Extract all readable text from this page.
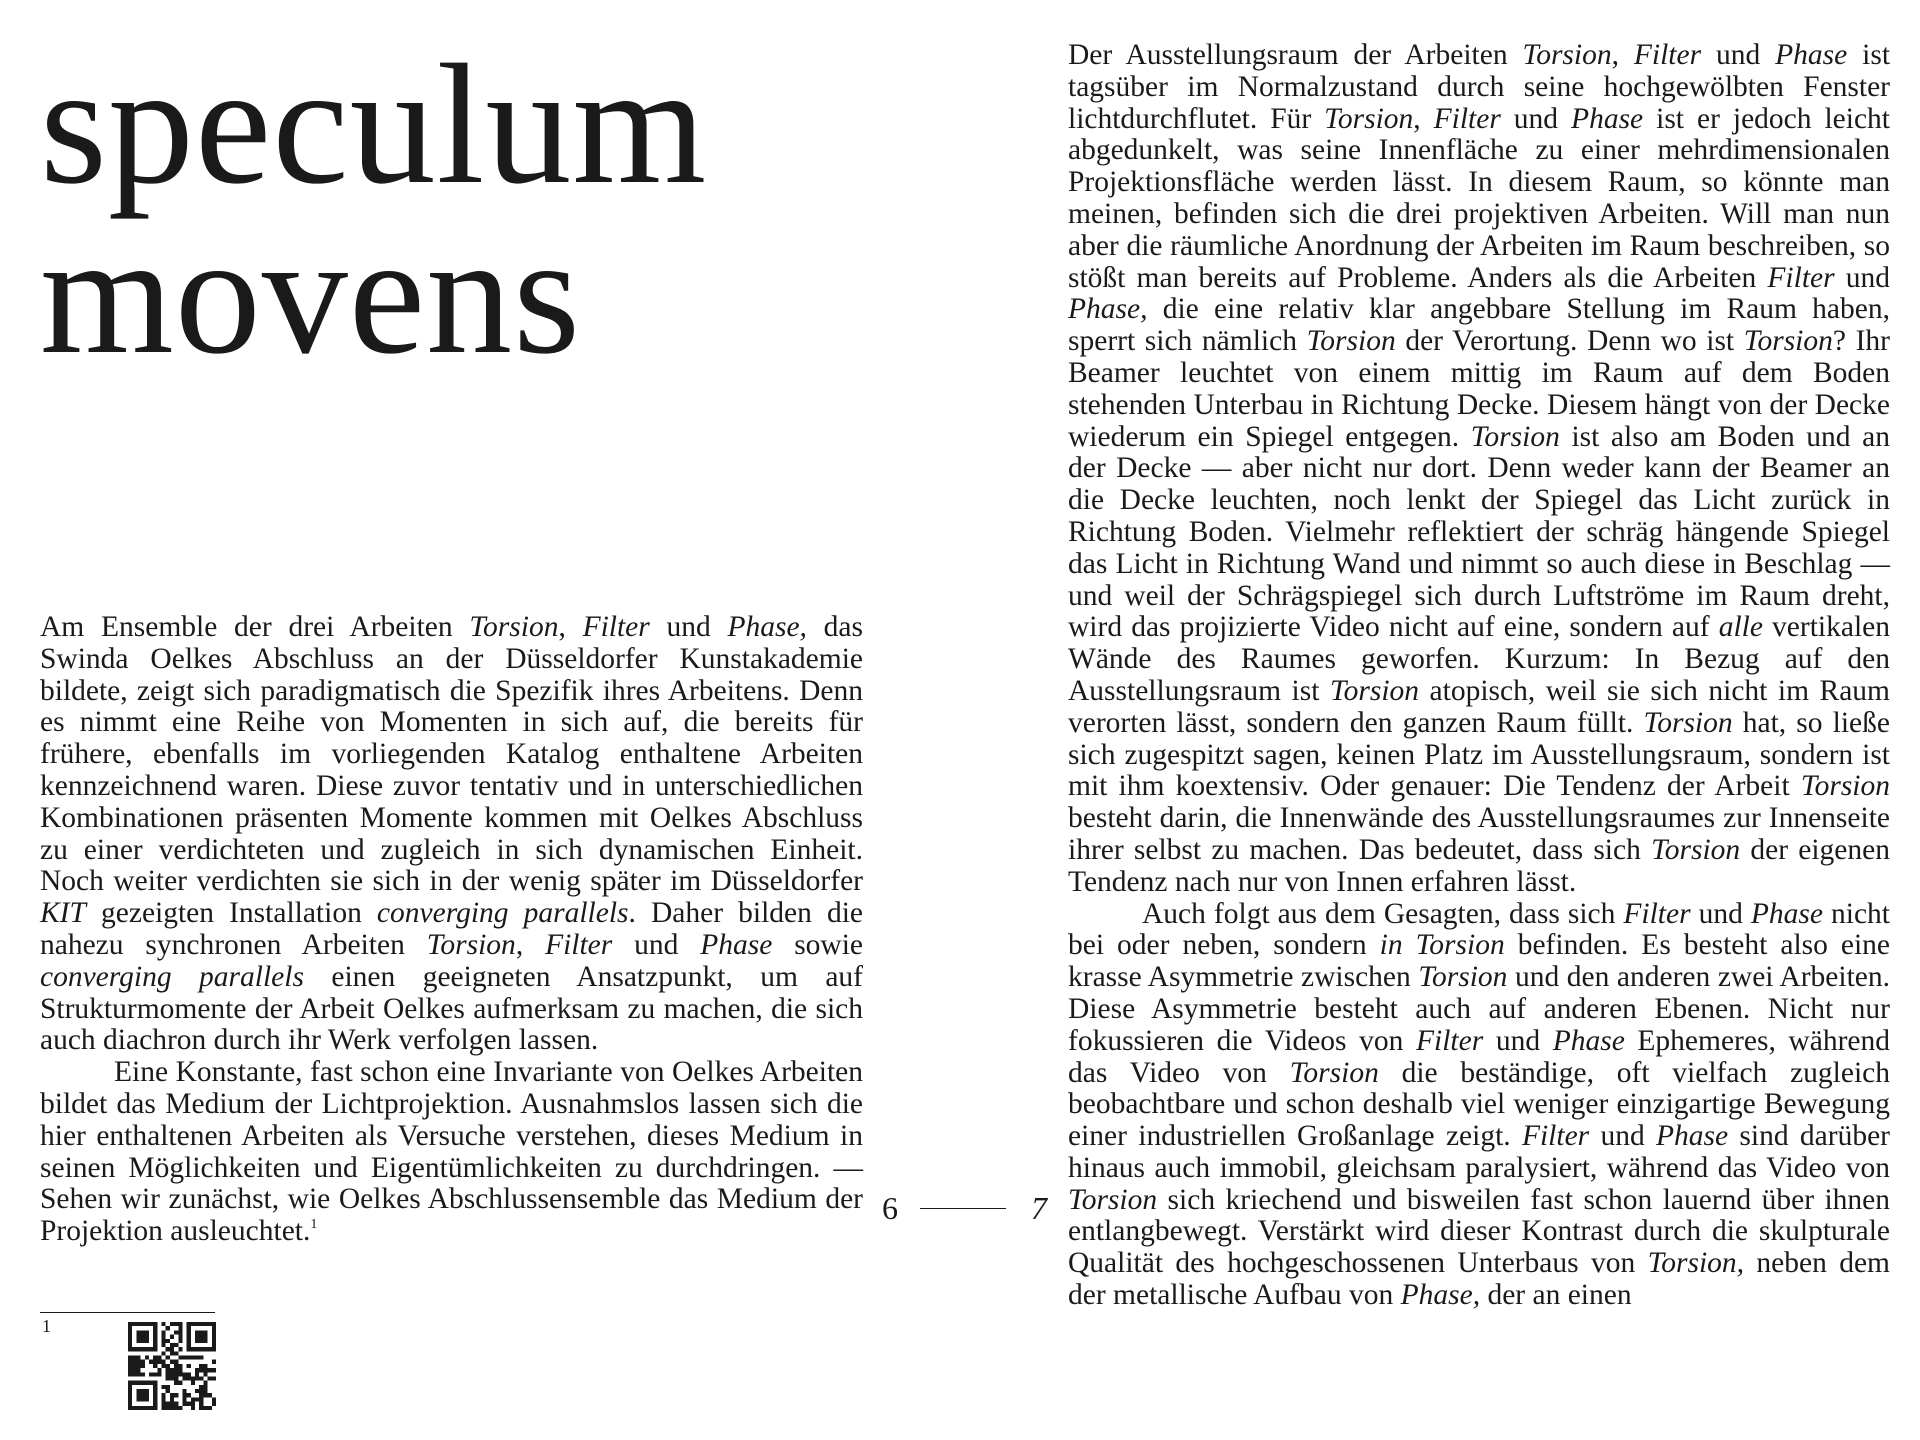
speculum
movens

Am Ensemble der drei Arbeiten Torsion, Filter und Phase, das Swinda Oelkes Abschluss an der Düsseldorfer Kunstakademie bildete, zeigt sich paradigmatisch die Spezifik ihres Arbeitens. Denn es nimmt eine Reihe von Momenten in sich auf, die bereits für frühere, ebenfalls im vorliegenden Katalog enthaltene Arbeiten kennzeichnend waren. Diese zuvor tentativ und in unterschiedlichen Kombinationen präsenten Momente kommen mit Oelkes Abschluss zu einer verdichteten und zugleich in sich dynamischen Einheit. Noch weiter verdichten sie sich in der wenig später im Düsseldorfer KIT gezeigten Installation converging parallels. Daher bilden die nahezu synchronen Arbeiten Torsion, Filter und Phase sowie converging parallels einen geeigneten Ansatzpunkt, um auf Strukturmomente der Arbeit Oelkes aufmerksam zu machen, die sich auch diachron durch ihr Werk verfolgen lassen.

Eine Konstante, fast schon eine Invariante von Oelkes Arbeiten bildet das Medium der Lichtprojektion. Ausnahmslos lassen sich die hier enthaltenen Arbeiten als Versuche verstehen, dieses Medium in seinen Möglichkeiten und Eigentümlichkeiten zu durchdringen. — Sehen wir zunächst, wie Oelkes Abschlussensemble das Medium der Projektion ausleuchtet.$^1$

Der Ausstellungsraum der Arbeiten Torsion, Filter und Phase ist tagsüber im Normalzustand durch seine hochgewölbten Fenster lichtdurchflutet. Für Torsion, Filter und Phase ist er jedoch leicht abgedunkelt, was seine Innenfläche zu einer mehrdimensionalen Projektionsfläche werden lässt. In diesem Raum, so könnte man meinen, befinden sich die drei projektiven Arbeiten. Will man nun aber die räumliche Anordnung der Arbeiten im Raum beschreiben, so stößt man bereits auf Probleme. Anders als die Arbeiten Filter und Phase, die eine relativ klar angebbare Stellung im Raum haben, sperrt sich nämlich Torsion der Verortung. Denn wo ist Torsion? Ihr Beamer leuchtet von einem mittig im Raum auf dem Boden stehenden Unterbau in Richtung Decke. Diesem hängt von der Decke wiederum ein Spiegel entgegen. Torsion ist also am Boden und an der Decke — aber nicht nur dort. Denn weder kann der Beamer an die Decke leuchten, noch lenkt der Spiegel das Licht zurück in Richtung Boden. Vielmehr reflektiert der schräg hängende Spiegel das Licht in Richtung Wand und nimmt so auch diese in Beschlag — und weil der Schrägspiegel sich durch Luftströme im Raum dreht, wird das projizierte Video nicht auf eine, sondern auf alle vertikalen Wände des Raumes geworfen. Kurzum: In Bezug auf den Ausstellungsraum ist Torsion atopisch, weil sie sich nicht im Raum verorten lässt, sondern den ganzen Raum füllt. Torsion hat, so ließe sich zugespitzt sagen, keinen Platz im Ausstellungsraum, sondern ist mit ihm koextensiv. Oder genauer: Die Tendenz der Arbeit Torsion besteht darin, die Innenwände des Ausstellungsraumes zur Innenseite ihrer selbst zu machen. Das bedeutet, dass sich Torsion der eigenen Tendenz nach nur von Innen erfahren lässt.

Auch folgt aus dem Gesagten, dass sich Filter und Phase nicht bei oder neben, sondern in Torsion befinden. Es besteht also eine krasse Asymmetrie zwischen Torsion und den anderen zwei Arbeiten. Diese Asymmetrie besteht auch auf anderen Ebenen. Nicht nur fokussieren die Videos von Filter und Phase Ephemeres, während das Video von Torsion die beständige, oft vielfach zugleich beobachtbare und schon deshalb viel weniger einzigartige Bewegung einer industriellen Großanlage zeigt. Filter und Phase sind darüber hinaus auch immobil, gleichsam paralysiert, während das Video von Torsion sich kriechend und bisweilen fast schon lauernd über ihnen entlangbewegt. Verstärkt wird dieser Kontrast durch die skulpturale Qualität des hochgeschossenen Unterbaus von Torsion, neben dem der metallische Aufbau von Phase, der an einen

6	7
1
